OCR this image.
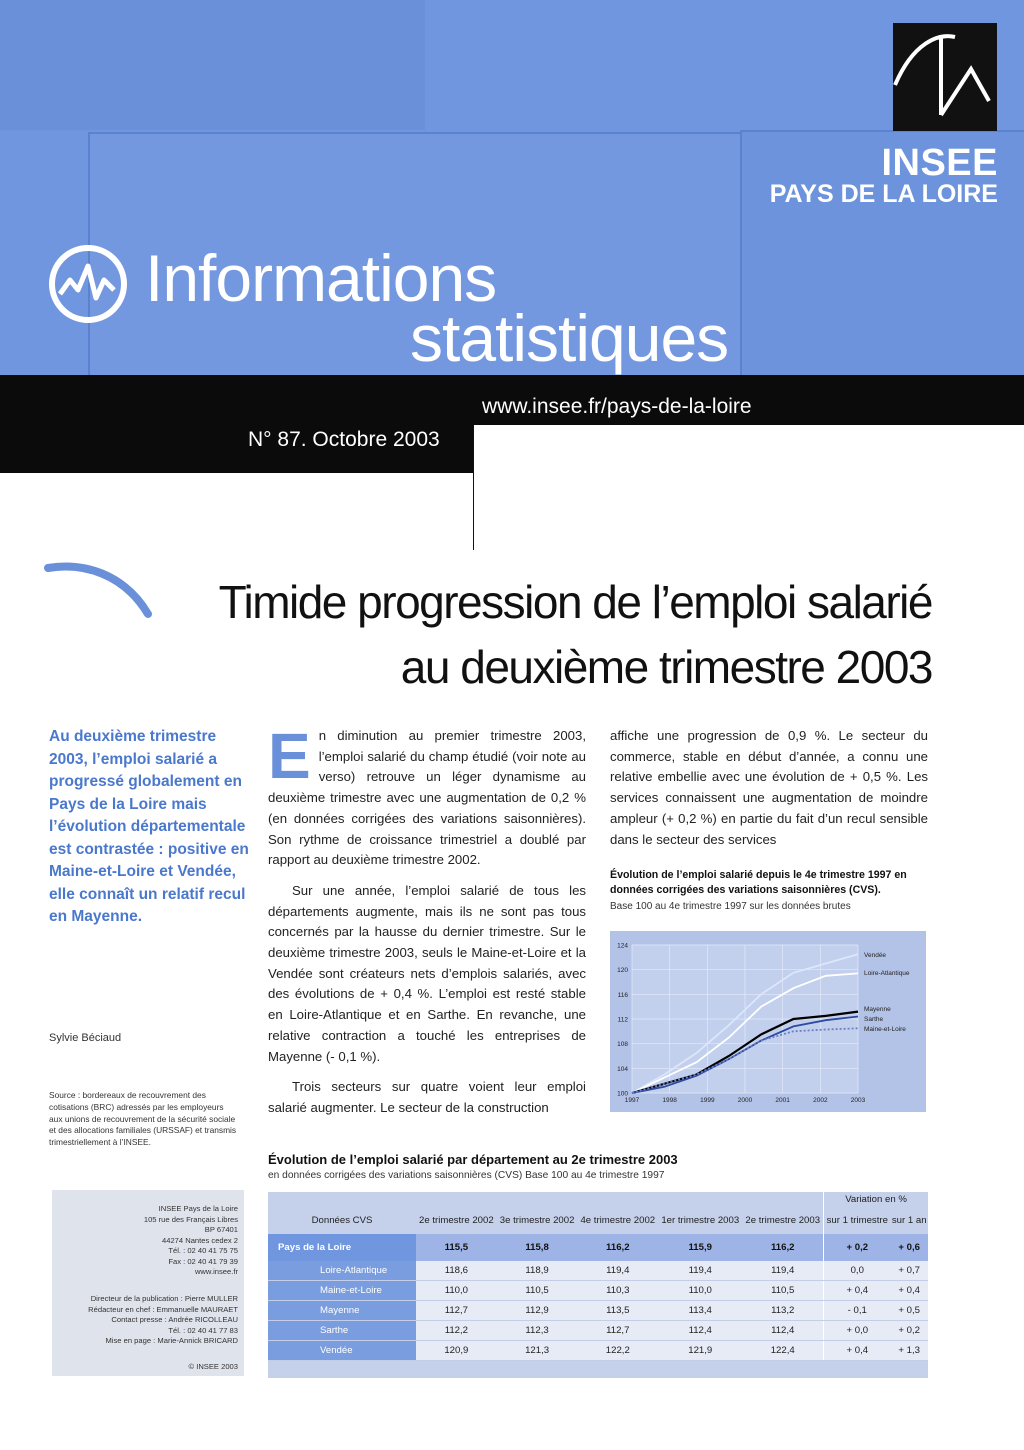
INSEE
PAYS DE LA LOIRE
Informations
statistiques
www.insee.fr/pays-de-la-loire
N° 87. Octobre 2003
Timide progression de l’emploi salarié
au deuxième trimestre 2003
Au deuxième trimestre 2003, l’emploi salarié a progressé globalement en Pays de la Loire mais l’évolution départementale est contrastée : positive en Maine-et-Loire et Vendée, elle connaît un relatif recul en Mayenne.
Sylvie Béciaud
Source : bordereaux de recouvrement des cotisations (BRC) adressés par les employeurs aux unions de recouvrement de la sécurité sociale et des allocations familiales (URSSAF) et transmis trimestriellement à l’INSEE.
INSEE Pays de la Loire
105 rue des Français Libres
BP 67401
44274 Nantes cedex 2
Tél. : 02 40 41 75 75
Fax : 02 40 41 79 39
www.insee.fr
Directeur de la publication : Pierre MULLER
Rédacteur en chef : Emmanuelle MAURAET
Contact presse : Andrée RICOLLEAU
Tél. : 02 40 41 77 83
Mise en page : Marie-Annick BRICARD
© INSEE 2003

En diminution au premier trimestre 2003, l’emploi salarié du champ étudié (voir note au verso) retrouve un léger dynamisme au deuxième trimestre avec une augmentation de 0,2 % (en données corrigées des variations saisonnières). Son rythme de croissance trimestriel a doublé par rapport au deuxième trimestre 2002.

Sur une année, l’emploi salarié de tous les départements augmente, mais ils ne sont pas tous concernés par la hausse du dernier trimestre. Sur le deuxième trimestre 2003, seuls le Maine-et-Loire et la Vendée sont créateurs nets d’emplois salariés, avec des évolutions de + 0,4 %. L’emploi est resté stable en Loire-Atlantique et en Sarthe. En revanche, une relative contraction a touché les entreprises de Mayenne (- 0,1 %).

Trois secteurs sur quatre voient leur emploi salarié augmenter. Le secteur de la construction

affiche une progression de 0,9 %. Le secteur du commerce, stable en début d’année, a connu une relative embellie avec une évolution de + 0,5 %. Les services connaissent une augmentation de moindre ampleur (+ 0,2 %) en partie du fait d’un recul sensible dans le secteur des services

Évolution de l’emploi salarié depuis le 4e trimestre 1997 en données corrigées des variations saisonnières (CVS).
Base 100 au 4e trimestre 1997 sur les données brutes
124
120
116
112
108
104
100
1997	1998	1999	2000	2001	2002	2003
Vendée
Loire-Atlantique
Mayenne
Sarthe
Maine-et-Loire
Évolution de l’emploi salarié par département au 2e trimestre 2003
en données corrigées des variations saisonnières (CVS) Base 100 au 4e trimestre 1997
						Variation en %	
Données CVS	2e trimestre 2002	3e trimestre 2002	4e trimestre 2002	1er trimestre 2003	2e trimestre 2003	sur 1 trimestre	sur 1 an
Pays de la Loire	115,5	115,8	116,2	115,9	116,2	+ 0,2	+ 0,6
Loire-Atlantique	118,6	118,9	119,4	119,4	119,4	0,0	+ 0,7
Maine-et-Loire	110,0	110,5	110,3	110,0	110,5	+ 0,4	+ 0,4
Mayenne	112,7	112,9	113,5	113,4	113,2	- 0,1	+ 0,5
Sarthe	112,2	112,3	112,7	112,4	112,4	+ 0,0	+ 0,2
Vendée	120,9	121,3	122,2	121,9	122,4	+ 0,4	+ 1,3
